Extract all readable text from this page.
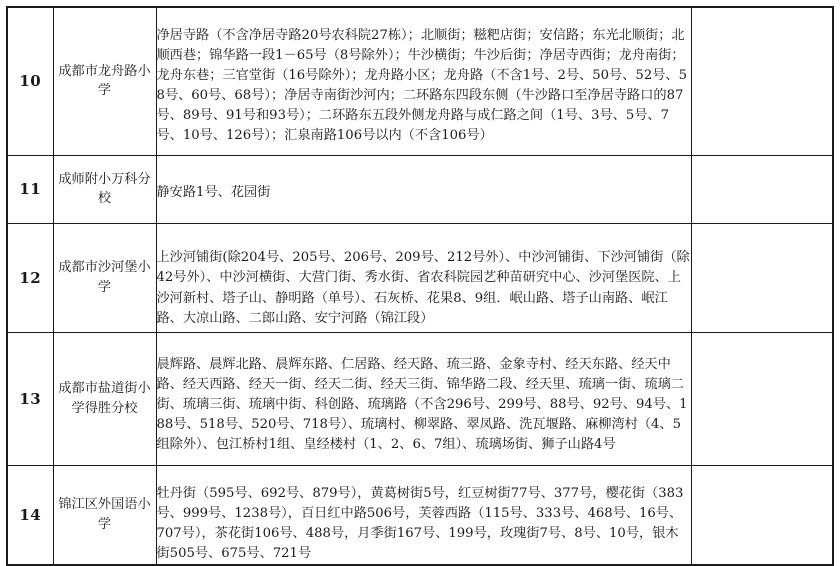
10	成都市龙舟路小学	净居寺路（不含净居寺路20号农科院27栋）；北顺街；糍粑店街；安信路；东光北顺街；北顺西巷；锦华路一段1－65号（8号除外）；牛沙横街；牛沙后街；净居寺西街；龙舟南街；龙舟东巷；三官堂街（16号除外）；龙舟路小区；龙舟路（不含1号、2号、50号、52号、58号、60号、68号）；净居寺南街沙河内；二环路东四段东侧（牛沙路口至净居寺路口的87号、89号、91号和93号）；二环路东五段外侧龙舟路与成仁路之间（1号、3号、5号、7号、10号、126号）；汇泉南路106号以内（不含106号）	
11	成师附小万科分校	静安路1号、花园街	
12	成都市沙河堡小学	上沙河铺街(除204号、205号、206号、209号、212号外）、中沙河铺街、下沙河铺街（除42号外）、中沙河横街、大营门街、秀水街、省农科院园艺种苗研究中心、沙河堡医院、上沙河新村、塔子山、静明路（单号）、石灰桥、花果8、9组．岷山路、塔子山南路、岷江路、大凉山路、二郎山路、安宁河路（锦江段）	
13	成都市盐道街小学得胜分校	晨辉路、晨辉北路、晨辉东路、仁居路、经天路、琉三路、金象寺村、经天东路、经天中路、经天西路、经天一街、经天二街、经天三街、锦华路二段、经天里、琉璃一街、琉璃二街、琉璃三街、琉璃中街、科创路、琉璃路（不含296号、299号、88号、92号、94号、188号、518号、520号、718号）、琉璃村、柳翠路、翠凤路、洗瓦堰路、麻柳湾村（4、5组除外）、包江桥村1组、皇经楼村（1、2、6、7组）、琉璃场街、狮子山路4号	
14	锦江区外国语小学	牡丹街（595号、692号、879号），黄葛树街5号，红豆树街77号、377号，樱花街（383号、999号、1238号），百日红中路506号，芙蓉西路（115号、333号、468号、16号、707号），茶花街106号、488号，月季街167号、199号，玫瑰街7号、8号、10号，银木街505号、675号、721号	
